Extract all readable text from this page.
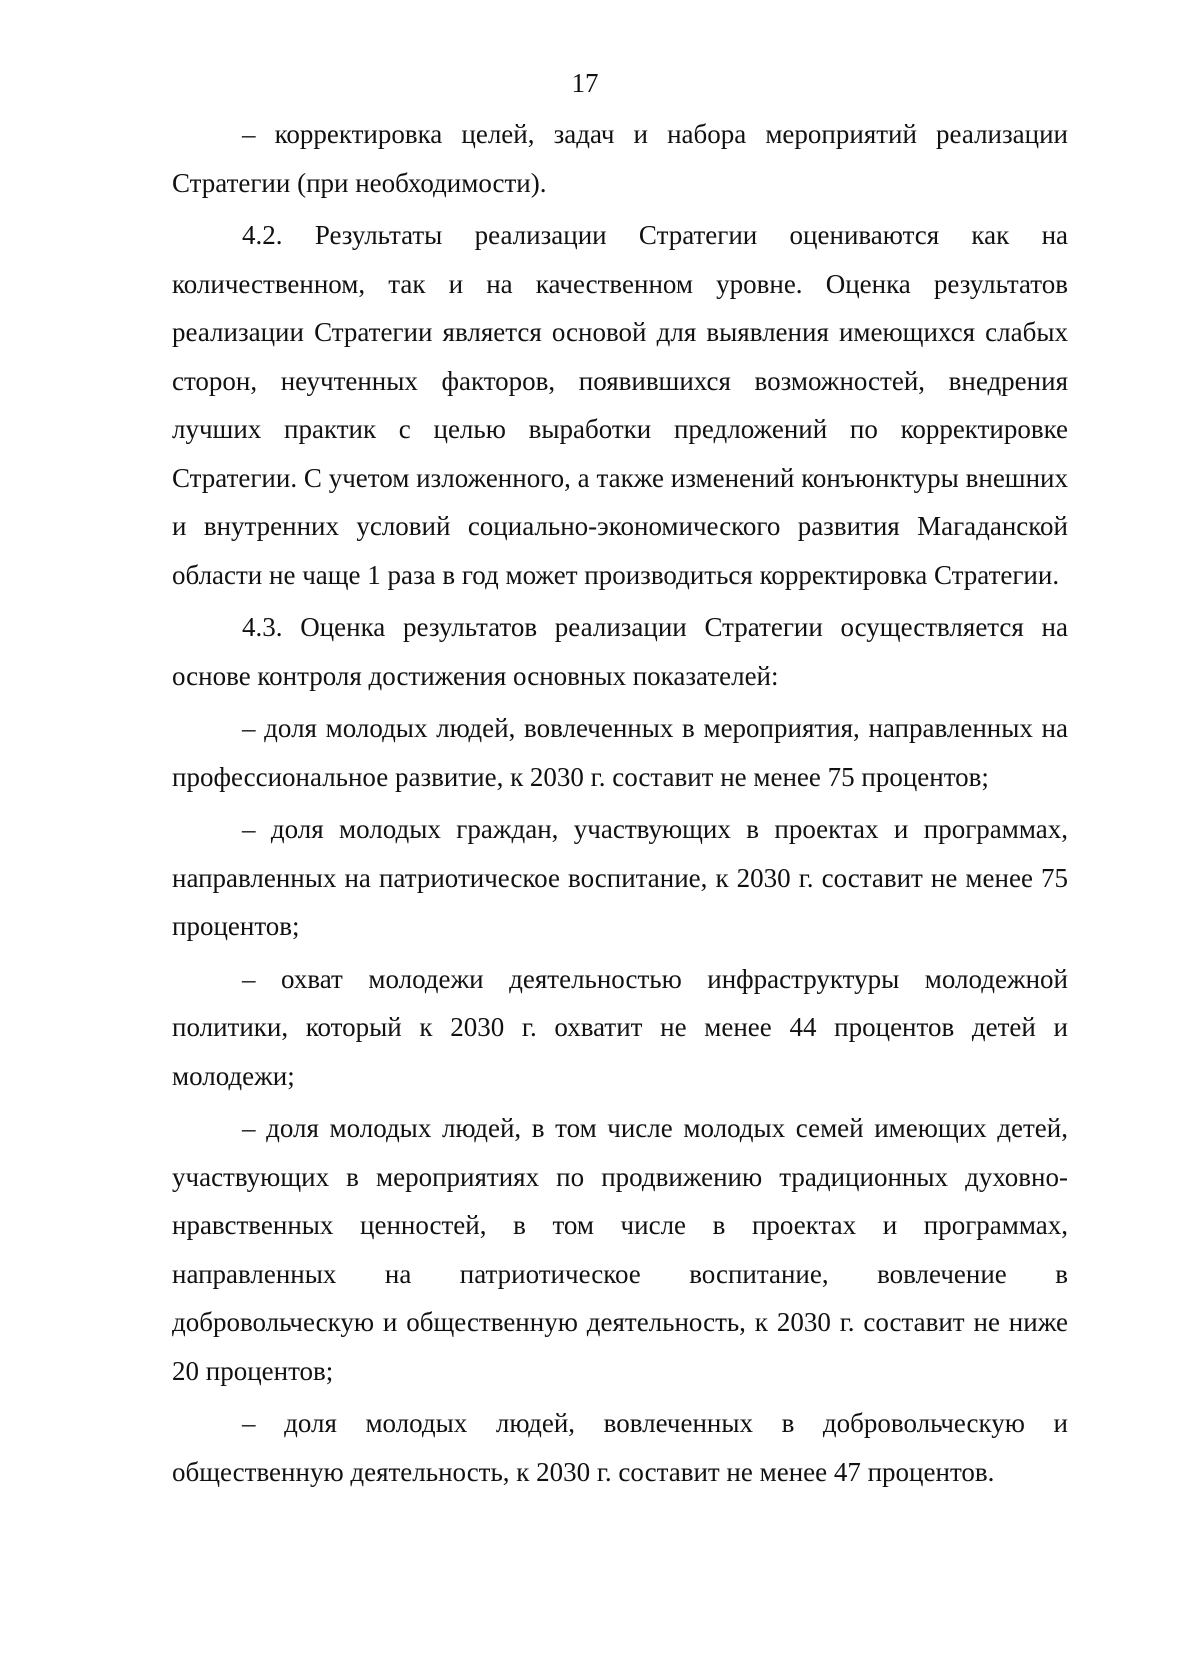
17

– корректировка целей, задач и набора мероприятий реализации Стратегии (при необходимости).

4.2. Результаты реализации Стратегии оцениваются как на количественном, так и на качественном уровне. Оценка результатов реализации Стратегии является основой для выявления имеющихся слабых сторон, неучтенных факторов, появившихся возможностей, внедрения лучших практик с целью выработки предложений по корректировке Стратегии. С учетом изложенного, а также изменений конъюнктуры внешних и внутренних условий социально-экономического развития Магаданской области не чаще 1 раза в год может производиться корректировка Стратегии.

4.3. Оценка результатов реализации Стратегии осуществляется на основе контроля достижения основных показателей:

– доля молодых людей, вовлеченных в мероприятия, направленных на профессиональное развитие, к 2030 г. составит не менее 75 процентов;

– доля молодых граждан, участвующих в проектах и программах, направленных на патриотическое воспитание, к 2030 г. составит не менее 75 процентов;

– охват молодежи деятельностью инфраструктуры молодежной политики, который к 2030 г. охватит не менее 44 процентов детей и молодежи;

– доля молодых людей, в том числе молодых семей имеющих детей, участвующих в мероприятиях по продвижению традиционных духовно-нравственных ценностей, в том числе в проектах и программах, направленных на патриотическое воспитание, вовлечение в добровольческую и общественную деятельность, к 2030 г. составит не ниже 20 процентов;

– доля молодых людей, вовлеченных в добровольческую и общественную деятельность, к 2030 г. составит не менее 47 процентов.
